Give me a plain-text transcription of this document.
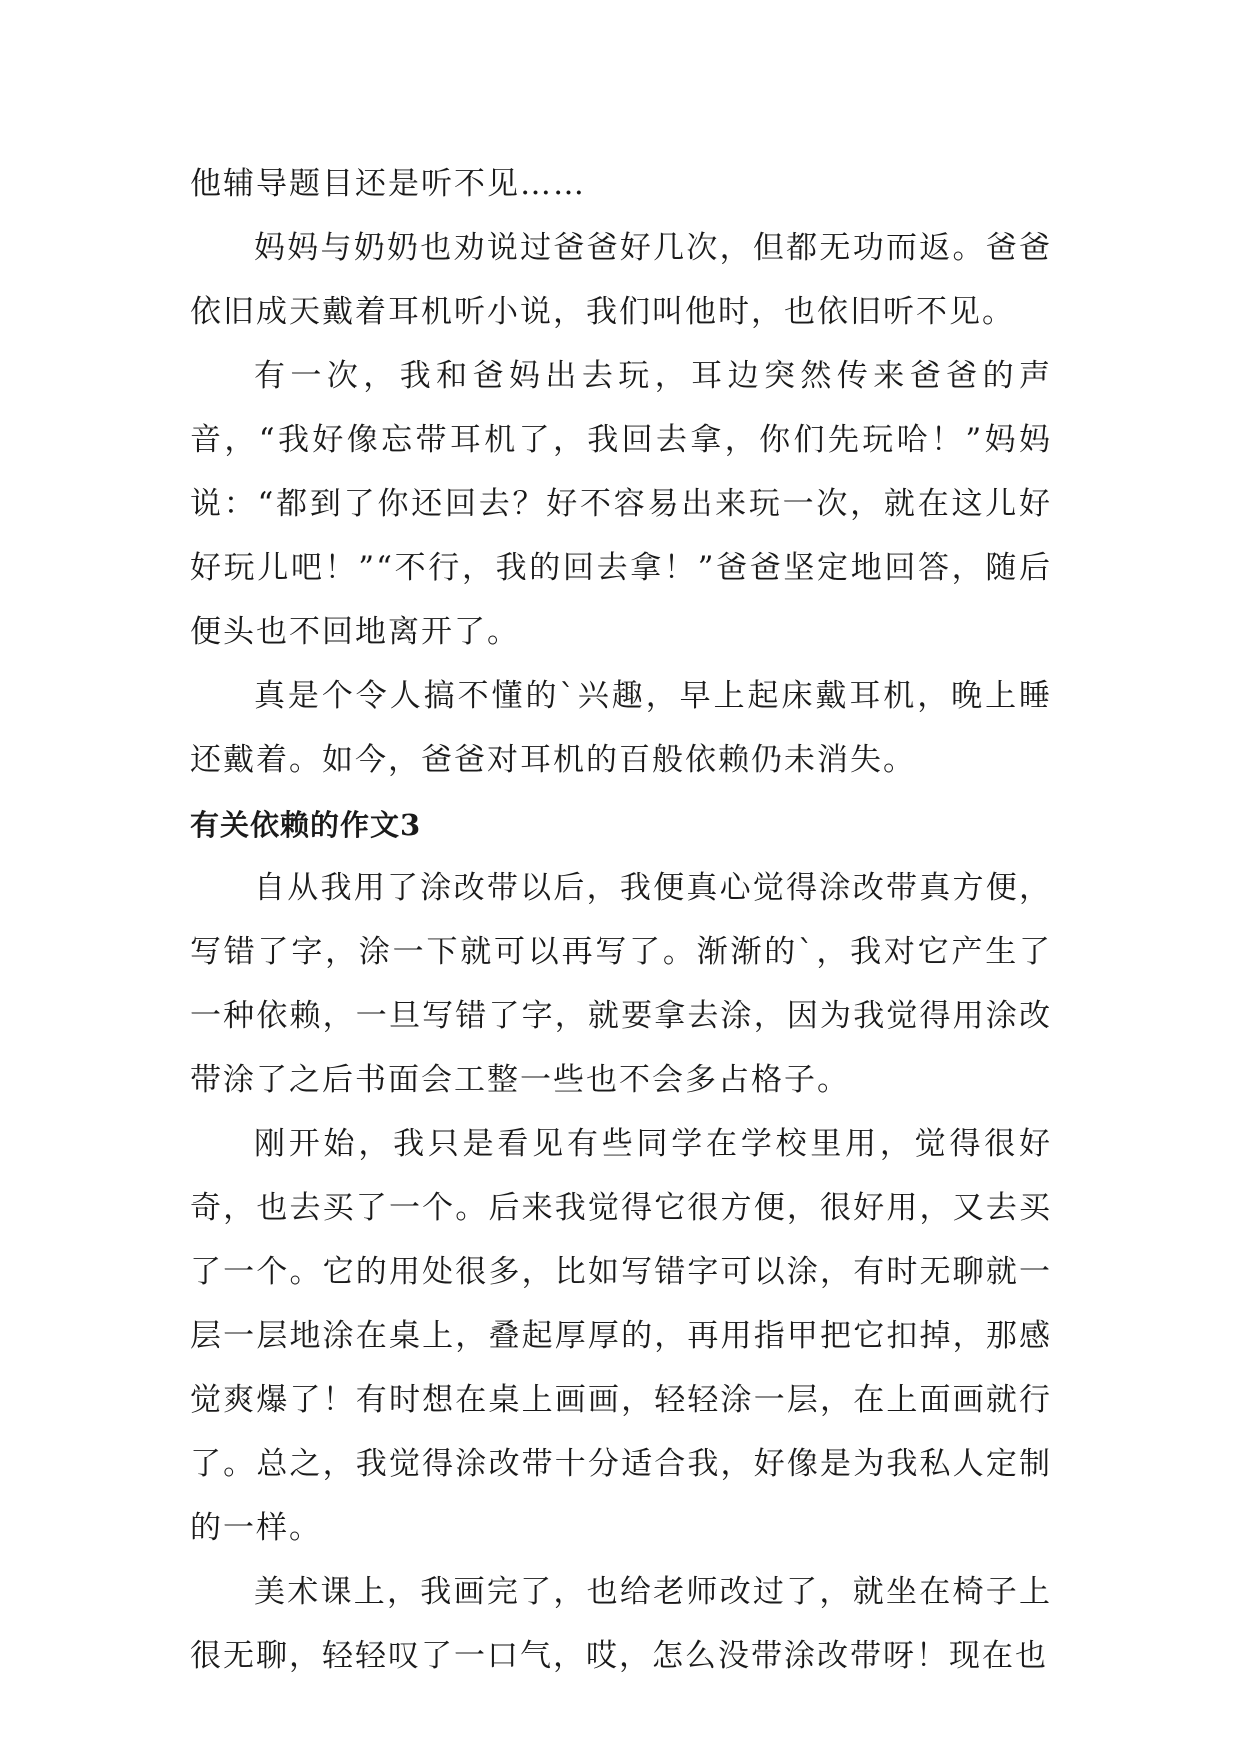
他辅导题目还是听不见……

妈妈与奶奶也劝说过爸爸好几次，但都无功而返。爸爸依旧成天戴着耳机听小说，我们叫他时，也依旧听不见。

有一次，我和爸妈出去玩，耳边突然传来爸爸的声音，“我好像忘带耳机了，我回去拿，你们先玩哈！”妈妈说：“都到了你还回去？好不容易出来玩一次，就在这儿好好玩儿吧！”“不行，我的回去拿！”爸爸坚定地回答，随后便头也不回地离开了。

真是个令人搞不懂的`兴趣，早上起床戴耳机，晚上睡还戴着。如今，爸爸对耳机的百般依赖仍未消失。

有关依赖的作文3

自从我用了涂改带以后，我便真心觉得涂改带真方便，写错了字，涂一下就可以再写了。渐渐的`，我对它产生了一种依赖，一旦写错了字，就要拿去涂，因为我觉得用涂改带涂了之后书面会工整一些也不会多占格子。

刚开始，我只是看见有些同学在学校里用，觉得很好奇，也去买了一个。后来我觉得它很方便，很好用，又去买了一个。它的用处很多，比如写错字可以涂，有时无聊就一层一层地涂在桌上，叠起厚厚的，再用指甲把它扣掉，那感觉爽爆了！有时想在桌上画画，轻轻涂一层，在上面画就行了。总之，我觉得涂改带十分适合我，好像是为我私人定制的一样。

美术课上，我画完了，也给老师改过了，就坐在椅子上很无聊，轻轻叹了一口气，哎，怎么没带涂改带呀！现在也
